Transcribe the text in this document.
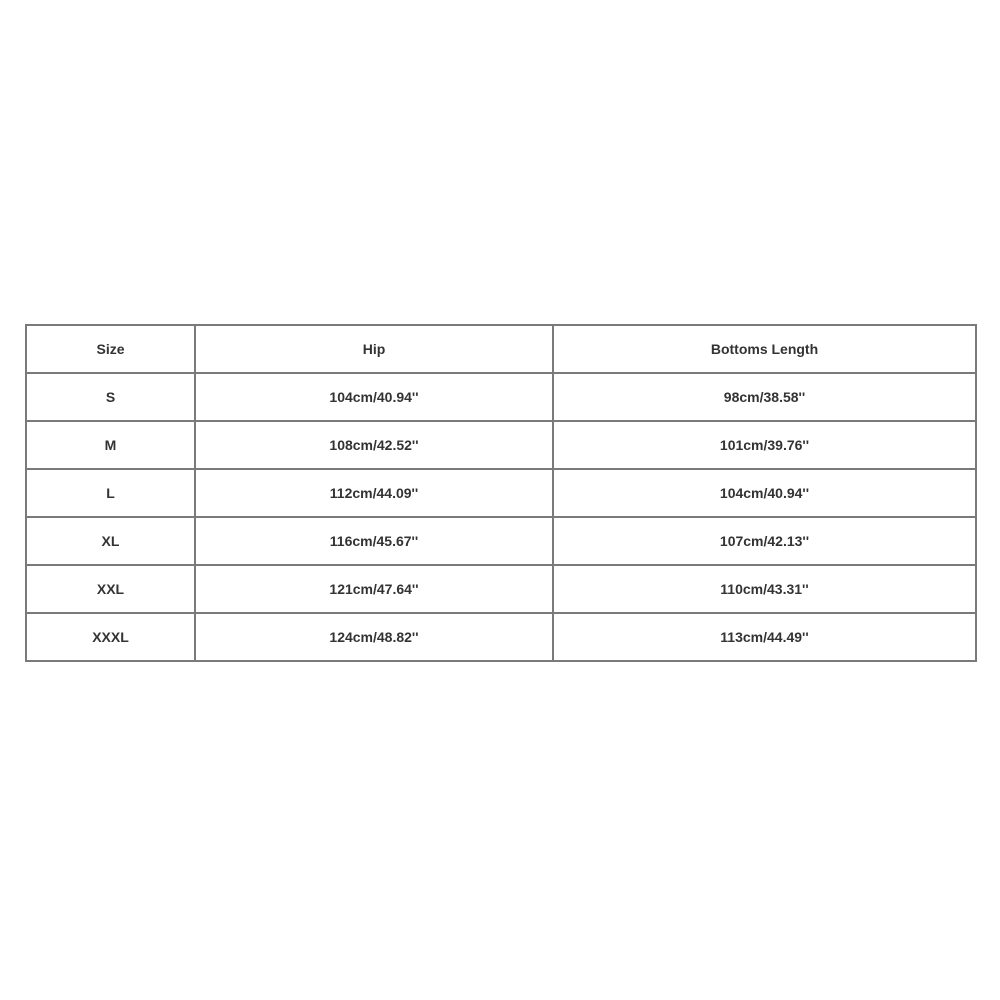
Size	Hip	Bottoms Length
S	104cm/40.94''	98cm/38.58''
M	108cm/42.52''	101cm/39.76''
L	112cm/44.09''	104cm/40.94''
XL	116cm/45.67''	107cm/42.13''
XXL	121cm/47.64''	110cm/43.31''
XXXL	124cm/48.82''	113cm/44.49''
